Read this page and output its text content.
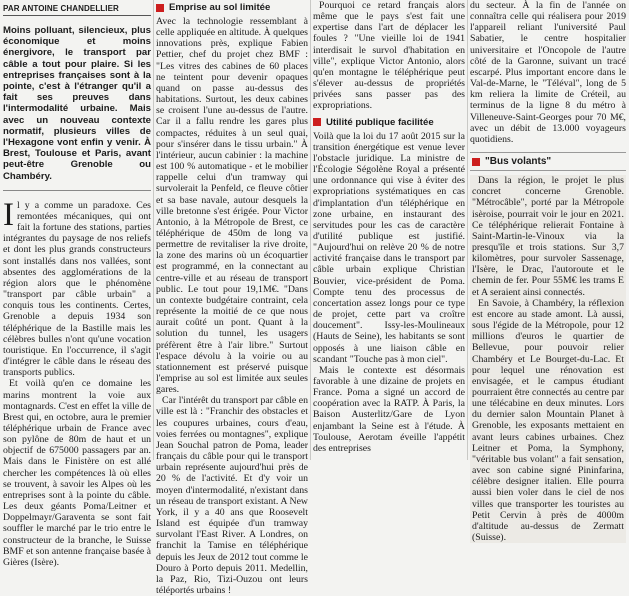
PAR ANTOINE CHANDELLIER
Moins polluant, silencieux, plus économique et moins énergivore, le transport par câble a tout pour plaire. Si les entreprises françaises sont à la pointe, c'est à l'étranger qu'il a fait ses preuves dans l'intermodalité urbaine. Mais avec un nouveau contexte normatif, plusieurs villes de l'Hexagone vont enfin y venir. À Brest, Toulouse et Paris, avant peut-être Grenoble ou Chambéry.
Il y a comme un paradoxe. Ces remontées mécaniques, qui ont fait la fortune des stations, parties intégrantes du paysage de nos reliefs et dont les plus grands constructeurs sont installés dans nos vallées, sont absentes des agglomérations de la région alors que le phénomène "transport par câble urbain" a conquis tous les continents. Certes, Grenoble a depuis 1934 son téléphérique de la Bastille mais les célèbres bulles n'ont qu'une vocation touristique. En l'occurrence, il s'agit d'intégrer le câble dans le réseau des transports publics.

Et voilà qu'en ce domaine les marins montrent la voie aux montagnards. C'est en effet la ville de Brest qui, en octobre, aura le premier téléphérique urbain de France avec son pylône de 80m de haut et un objectif de 675000 passagers par an. Mais dans le Finistère on est allé chercher les compétences là où elles se trouvent, à savoir les Alpes où les entreprises sont à la pointe du câble. Les deux géants Poma/Leitner et Doppelmayr/Garaventa se sont fait souffler le marché par le trio entre le constructeur de la branche, le Suisse BMF et son antenne française basée à Gières (Isère).

Emprise au sol limitée
Avec la technologie ressemblant à celle appliquée en altitude. À quelques innovations près, explique Fabien Pettier, chef du projet chez BMF : "Les vitres des cabines de 60 places ne teintent pour devenir opaques quand on passe au-dessus des habitations. Surtout, les deux cabines se croisent l'une au-dessus de l'autre. Car il a fallu rendre les gares plus compactes, réduites à un seul quai, pour s'insérer dans le tissu urbain." À l'intérieur, aucun cabinier : la machine est 100 % automatique - et le mobilier rappelle celui d'un tramway qui survolerait la Penfeld, ce fleuve côtier et sa base navale, autour desquels la ville bretonne s'est érigée. Pour Victor Antonio, à la Métropole de Brest, ce téléphérique de 450m de long va permettre de revitaliser la rive droite, la zone des marins où un écoquartier est programmé, en la connectant au centre-ville et au réseau de transport public. Le tout pour 19,1M€. "Dans un contexte budgétaire contraint, cela représente la moitié de ce que nous aurait coûté un pont. Quant à la solution du tunnel, les usagers préfèrent être à l'air libre." Surtout l'espace dévolu à la voirie ou au stationnement est préservé puisque l'emprise au sol est limitée aux seules gares.
Car l'intérêt du transport par câble en ville est là : "Franchir des obstacles et les coupures urbaines, cours d'eau, voies ferrées ou montagnes", explique Jean Souchal patron de Poma, leader français du câble pour qui le transport urbain représente aujourd'hui près de 20 % de l'activité. Et d'y voir un moyen d'intermodalité, n'existant dans un réseau de transport existant. A New York, il y a 40 ans que Roosevelt Island est équipée d'un tramway survolant l'East River. A Londres, on franchit la Tamise en téléphérique depuis les Jeux de 2012 tout comme le Douro à Porto depuis 2011. Medellin, la Paz, Rio, Tizi-Ouzou ont leurs téléportés urbains !
Pourquoi ce retard français alors même que le pays s'est fait une expertise dans l'art de déplacer les foules ? "Une vieille loi de 1941 interdisait le survol d'habitation en ville", explique Victor Antonio, alors qu'en montagne le téléphérique peut s'élever au-dessus de propriétés privées sans passer pas des expropriations.
Utilité publique facilitée
Voilà que la loi du 17 août 2015 sur la transition énergétique est venue lever l'obstacle juridique. La ministre de l'Écologie Ségolène Royal a présenté une ordonnance qui vise à éviter des expropriations systématiques en cas d'implantation d'un téléphérique en zone urbaine, en instaurant des servitudes pour les cas de caractère d'utilité publique est justifié. "Aujourd'hui on relève 20 % de notre activité française dans le transport par câble urbain explique Christian Bouvier, vice-président de Poma. Compte tenu des processus de concertation assez longs pour ce type de projet, cette part va croître doucement". Issy-les-Moulineaux (Hauts de Seine), les habitants se sont opposés à une liaison câble en scandant "Touche pas à mon ciel".
Mais le contexte est désormais favorable à une dizaine de projets en France. Poma a signé un accord de coopération avec la RATP. À Paris, la Baison Austerlitz/Gare de Lyon enjambant la Seine est à l'étude. À Toulouse, Aerotam éveille l'appétit des entreprises
du secteur. À la fin de l'année on connaîtra celle qui réalisera pour 2019 l'appareil reliant l'université Paul Sabatier, le centre hospitalier universitaire et l'Oncopole de l'autre côté de la Garonne, suivant un tracé escarpé. Plus important encore dans le Val-de-Marne, le "Téléval", long de 5 km reliera la limite de Créteil, au terminus de la ligne 8 du métro à Villeneuve-Saint-Georges pour 70 M€, avec un débit de 13.000 voyageurs quotidiens.
"Bus volants"
Dans la région, le projet le plus concret concerne Grenoble. "Métrocâble", porté par la Métropole isèroise, pourrait voir le jour en 2021. Ce téléphérique relierait Fontaine à Saint-Martin-le-Vinoux via la presqu'île et trois stations. Sur 3,7 kilomètres, pour survoler Sassenage, l'Isère, le Drac, l'autoroute et le chemin de fer. Pour 55M€ les trams E et A seraient ainsi connectés.
En Savoie, à Chambéry, la réflexion est encore au stade amont. Là aussi, sous l'égide de la Métropole, pour 12 millions d'euros le quartier de Bellevue, pour pouvoir relier Chambéry et Le Bourget-du-Lac. Et pour lequel une rénovation est envisagée, et le campus étudiant pourraient être connectés au centre par une télécabine en deux minutes. Lors du dernier salon Mountain Planet à Grenoble, les exposants mettaient en avant leurs cabines urbaines. Chez Leitner et Poma, la Symphony, "véritable bus volant" a fait sensation, avec son cabine signé Pininfarina, célèbre designer italien. Elle pourra aussi bien voler dans le ciel de nos villes que transporter les touristes au Petit Cervin à près de 4000m d'altitude au-dessus de Zermatt (Suisse).
